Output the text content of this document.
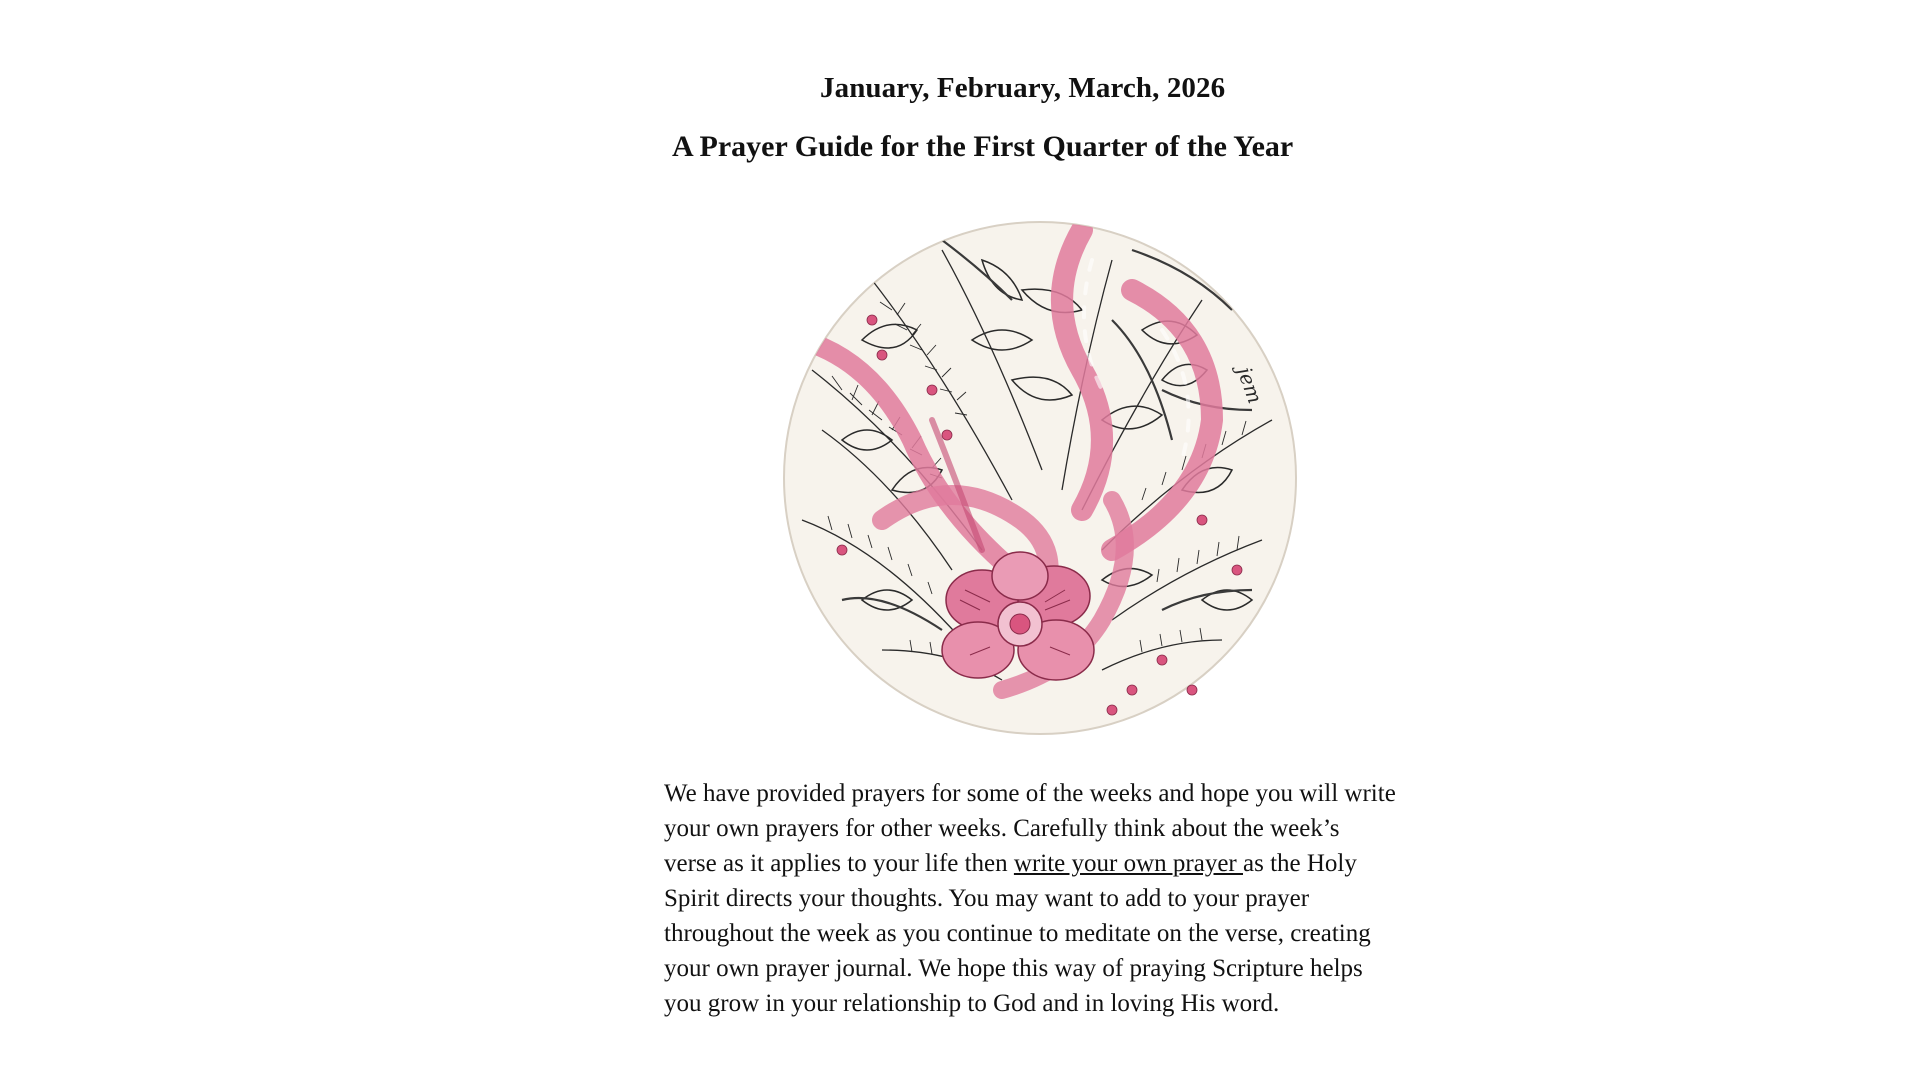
January, February, March, 2026
A Prayer Guide for the First Quarter of the Year
jem
We have provided prayers for some of the weeks and hope you will write
your own prayers for other weeks. Carefully think about the week’s
verse as it applies to your life then write your own prayer as the Holy
Spirit directs your thoughts. You may want to add to your prayer
throughout the week as you continue to meditate on the verse, creating
your own prayer journal. We hope this way of praying Scripture helps
you grow in your relationship to God and in loving His word.
